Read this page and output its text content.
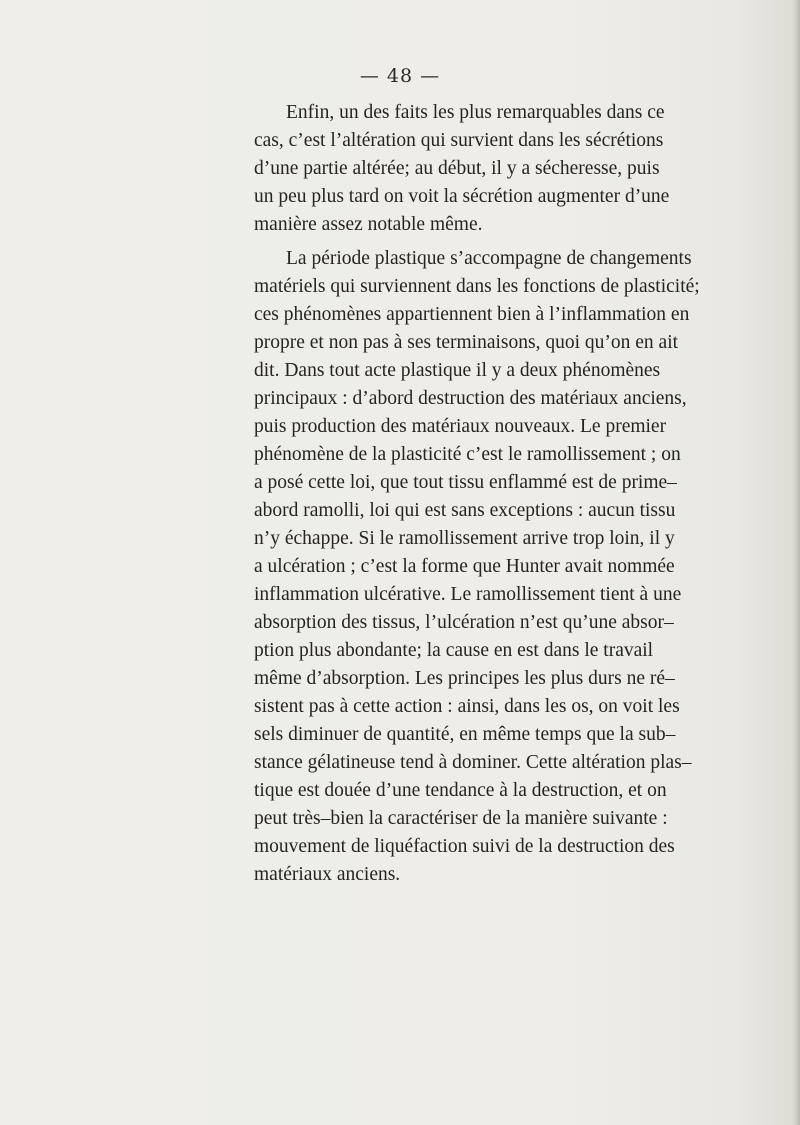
— 48 —
Enfin, un des faits les plus remarquables dans ce
cas, c’est l’altération qui survient dans les sécrétions
d’une partie altérée; au début, il y a sécheresse, puis
un peu plus tard on voit la sécrétion augmenter d’une
manière assez notable même.
La période plastique s’accompagne de changements
matériels qui surviennent dans les fonctions de plasticité;
ces phénomènes appartiennent bien à l’inflammation en
propre et non pas à ses terminaisons, quoi qu’on en ait
dit. Dans tout acte plastique il y a deux phénomènes
principaux : d’abord destruction des matériaux anciens,
puis production des matériaux nouveaux. Le premier
phénomène de la plasticité c’est le ramollissement ; on
a posé cette loi, que tout tissu enflammé est de prime–
abord ramolli, loi qui est sans exceptions : aucun tissu
n’y échappe. Si le ramollissement arrive trop loin, il y
a ulcération ; c’est la forme que Hunter avait nommée
inflammation ulcérative. Le ramollissement tient à une
absorption des tissus, l’ulcération n’est qu’une absor–
ption plus abondante; la cause en est dans le travail
même d’absorption. Les principes les plus durs ne ré–
sistent pas à cette action : ainsi, dans les os, on voit les
sels diminuer de quantité, en même temps que la sub–
stance gélatineuse tend à dominer. Cette altération plas–
tique est douée d’une tendance à la destruction, et on
peut très–bien la caractériser de la manière suivante :
mouvement de liquéfaction suivi de la destruction des
matériaux anciens.
